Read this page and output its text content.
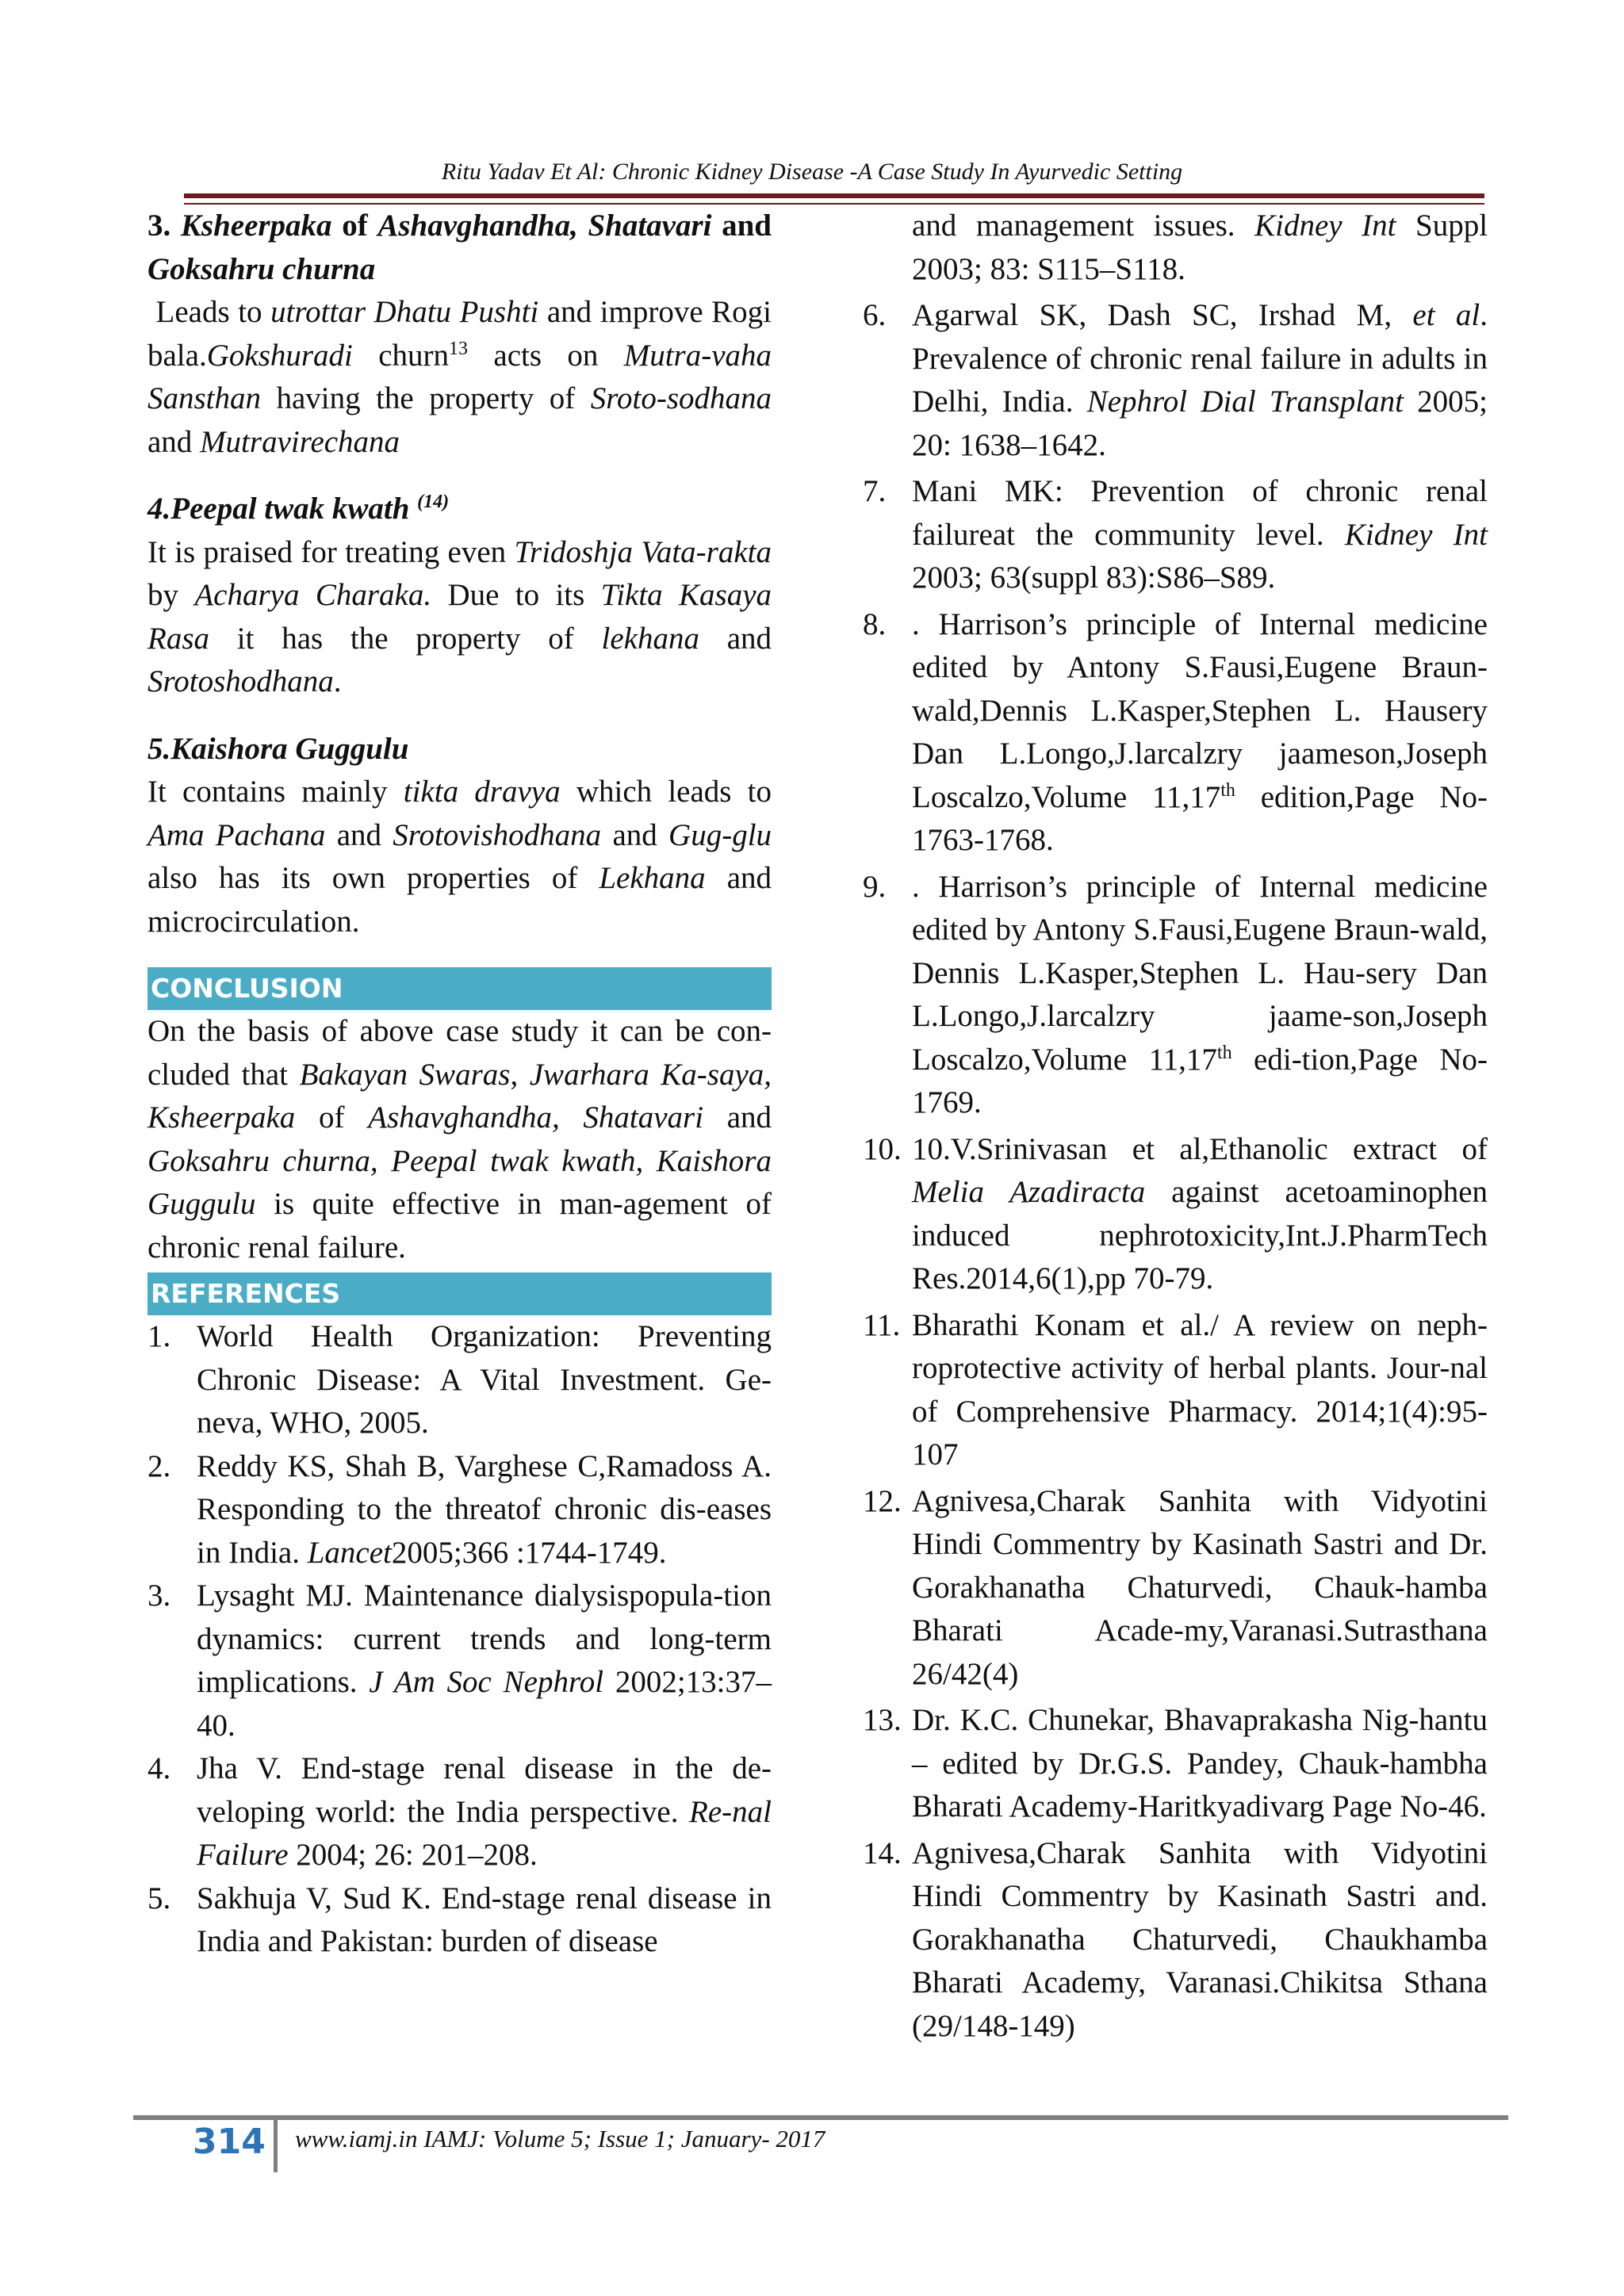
Ritu Yadav Et Al: Chronic Kidney Disease -A Case Study In Ayurvedic Setting

3. Ksheerpaka of Ashavghandha, Shatavari and Goksahru churna

Leads to utrottar Dhatu Pushti and improve Rogi bala.Gokshuradi churn$^{13}$ acts on Mutra-vaha Sansthan having the property of Sroto-sodhana and Mutravirechana

4.Peepal twak kwath $^{(14)}$

It is praised for treating even Tridoshja Vata-rakta by Acharya Charaka. Due to its Tikta Kasaya Rasa it has the property of lekhana and Srotoshodhana.

5.Kaishora Guggulu

It contains mainly tikta dravya which leads to Ama Pachana and Srotovishodhana and Gug-glu also has its own properties of Lekhana and microcirculation.

CONCLUSION

On the basis of above case study it can be con-cluded that Bakayan Swaras, Jwarhara Ka-saya, Ksheerpaka of Ashavghandha, Shatavari and Goksahru churna, Peepal twak kwath, Kaishora Guggulu is quite effective in man-agement of chronic renal failure.

REFERENCES
1. World Health Organization: Preventing Chronic Disease: A Vital Investment. Ge-neva, WHO, 2005.
2. Reddy KS, Shah B, Varghese C,Ramadoss A. Responding to the threatof chronic dis-eases in India. Lancet2005;366 :1744-1749.
3. Lysaght MJ. Maintenance dialysispopula-tion dynamics: current trends and long-term implications. J Am Soc Nephrol 2002;13:37–40.
4. Jha V. End-stage renal disease in the de-veloping world: the India perspective. Re-nal Failure 2004; 26: 201–208.
5. Sakhuja V, Sud K. End-stage renal disease in India and Pakistan: burden of disease
and management issues. Kidney Int Suppl 2003; 83: S115–S118.
6. Agarwal SK, Dash SC, Irshad M, et al. Prevalence of chronic renal failure in adults in Delhi, India. Nephrol Dial Transplant 2005; 20: 1638–1642.
7. Mani MK: Prevention of chronic renal failureat the community level. Kidney Int 2003; 63(suppl 83):S86–S89.
8. . Harrison’s principle of Internal medicine edited by Antony S.Fausi,Eugene Braun-wald,Dennis L.Kasper,Stephen L. Hausery Dan L.Longo,J.larcalzry jaameson,Joseph Loscalzo,Volume 11,17th edition,Page No-1763-1768.
9. . Harrison’s principle of Internal medicine edited by Antony S.Fausi,Eugene Braun-wald, Dennis L.Kasper,Stephen L. Hau-sery Dan L.Longo,J.larcalzry jaame-son,Joseph Loscalzo,Volume 11,17th edi-tion,Page No-1769.
10. 10.V.Srinivasan et al,Ethanolic extract of Melia Azadiracta against acetoaminophen induced nephrotoxicity,Int.J.PharmTech Res.2014,6(1),pp 70-79.
11. Bharathi Konam et al./ A review on neph-roprotective activity of herbal plants. Jour-nal of Comprehensive Pharmacy. 2014;1(4):95-107
12. Agnivesa,Charak Sanhita with Vidyotini Hindi Commentry by Kasinath Sastri and Dr. Gorakhanatha Chaturvedi, Chauk-hamba Bharati Acade-my,Varanasi.Sutrasthana 26/42(4)
13. Dr. K.C. Chunekar, Bhavaprakasha Nig-hantu – edited by Dr.G.S. Pandey, Chauk-hambha Bharati Academy-Haritkyadivarg Page No-46.
14. Agnivesa,Charak Sanhita with Vidyotini Hindi Commentry by Kasinath Sastri and. Gorakhanatha Chaturvedi, Chaukhamba Bharati Academy, Varanasi.Chikitsa Sthana (29/148-149)
314 www.iamj.in IAMJ: Volume 5; Issue 1; January- 2017
